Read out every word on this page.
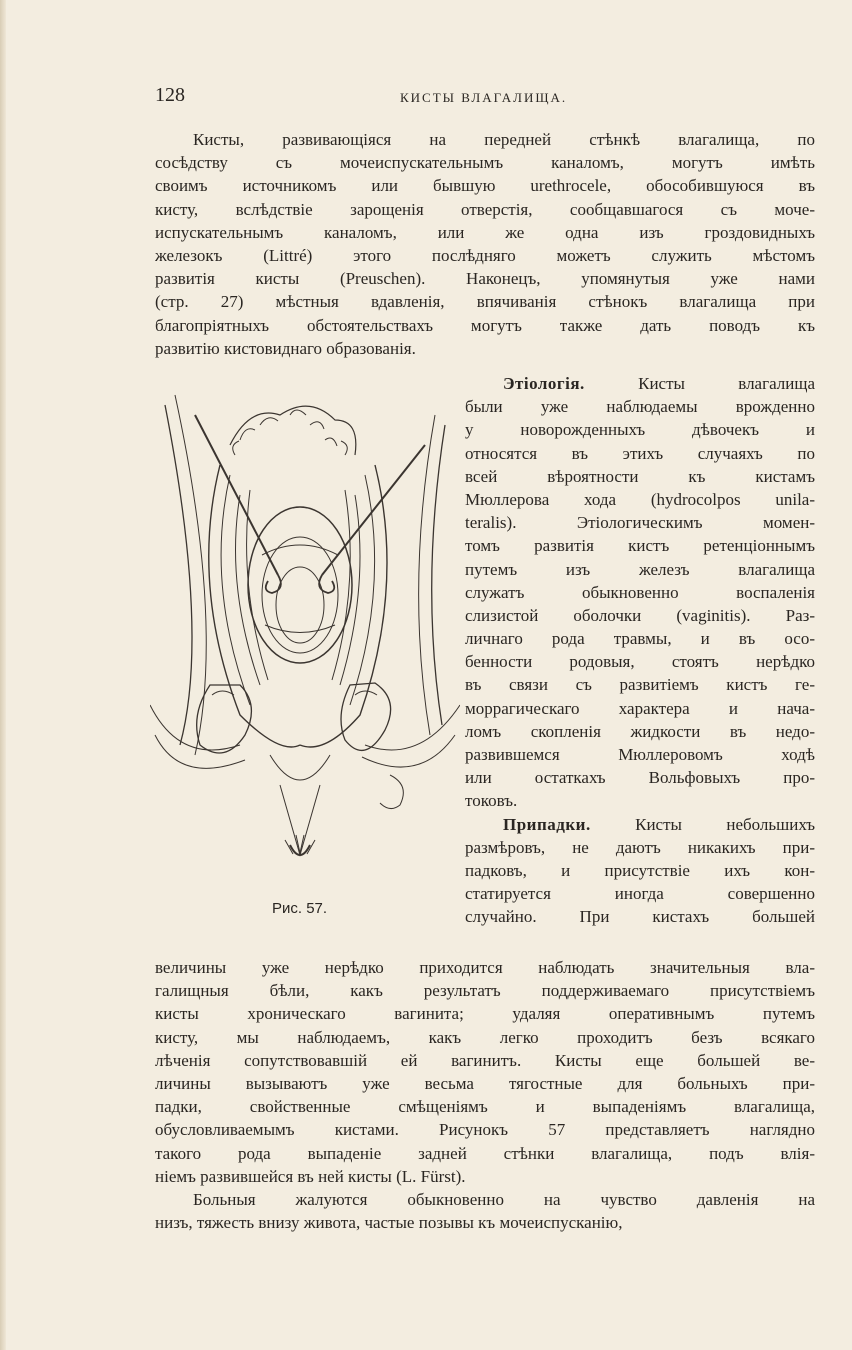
128	КИСТЫ ВЛАГАЛИЩА.
Кисты, развивающіяся на передней стѣнкѣ влагалища, по
сосѣдству съ мочеиспускательнымъ каналомъ, могутъ имѣть
своимъ источникомъ или бывшую urethrocele, обособившуюся въ
кисту, вслѣдствіе зарощенія отверстія, сообщавшагося съ моче-
испускательнымъ каналомъ, или же одна изъ гроздовидныхъ
железокъ (Littré) этого послѣдняго можетъ служить мѣстомъ
развитія кисты (Preuschen). Наконецъ, упомянутыя уже нами
(стр. 27) мѣстныя вдавленія, впячиванія стѣнокъ влагалища при
благопріятныхъ обстоятельствахъ могутъ также дать поводъ къ
развитію кистовиднаго образованія.
Этіологія. Кисты влагалища
были уже наблюдаемы врожденно
у новорожденныхъ дѣвочекъ и
относятся въ этихъ случаяхъ по
всей вѣроятности къ кистамъ
Мюллерова хода (hydrocolpos unila-
teralis). Этіологическимъ момен-
томъ развитія кистъ ретенціоннымъ
путемъ изъ железъ влагалища
служатъ обыкновенно воспаленія
слизистой оболочки (vaginitis). Раз-
личнаго рода травмы, и въ осо-
бенности родовыя, стоятъ нерѣдко
въ связи съ развитіемъ кистъ ге-
моррагическаго характера и нача-
ломъ скопленія жидкости въ недо-
развившемся Мюллеровомъ ходѣ
или остаткахъ Вольфовыхъ про-
токовъ.
Припадки. Кисты небольшихъ
размѣровъ, не даютъ никакихъ при-
падковъ, и присутствіе ихъ кон-
статируется иногда совершенно
случайно. При кистахъ большей
Рис. 57.
величины уже нерѣдко приходится наблюдать значительныя вла-
галищныя бѣли, какъ результатъ поддерживаемаго присутствіемъ
кисты хроническаго вагинита; удаляя оперативнымъ путемъ
кисту, мы наблюдаемъ, какъ легко проходитъ безъ всякаго
лѣченія сопутствовавшій ей вагинитъ. Кисты еще большей ве-
личины вызываютъ уже весьма тягостные для больныхъ при-
падки, свойственные смѣщеніямъ и выпаденіямъ влагалища,
обусловливаемымъ кистами. Рисунокъ 57 представляетъ наглядно
такого рода выпаденіе задней стѣнки влагалища, подъ влія-
ніемъ развившейся въ ней кисты (L. Fürst).
Больныя жалуются обыкновенно на чувство давленія на
низъ, тяжесть внизу живота, частые позывы къ мочеиспусканію,
